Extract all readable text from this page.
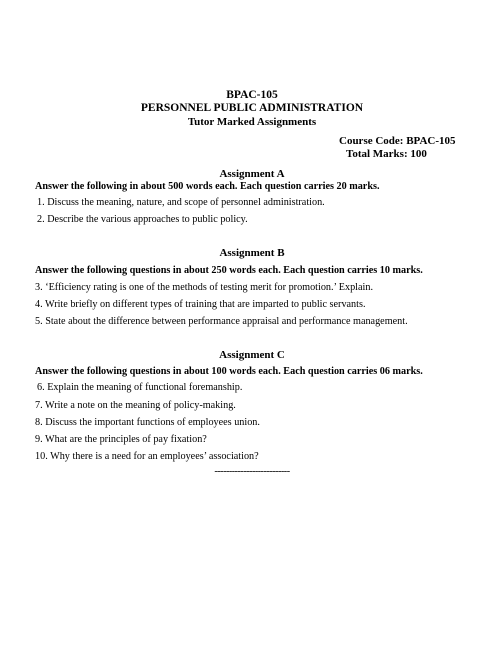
BPAC-105
PERSONNEL PUBLIC ADMINISTRATION
Tutor Marked Assignments
Course Code: BPAC-105
Total Marks: 100
Assignment A
Answer the following in about 500 words each. Each question carries 20 marks.
1. Discuss the meaning, nature, and scope of personnel administration.
2. Describe the various approaches to public policy.
Assignment B
Answer the following questions in about 250 words each. Each question carries 10 marks.
3. ‘Efficiency rating is one of the methods of testing merit for promotion.’ Explain.
4. Write briefly on different types of training that are imparted to public servants.
5. State about the difference between performance appraisal and performance management.
Assignment C
Answer the following questions in about 100 words each. Each question carries 06 marks.
6. Explain the meaning of functional foremanship.
7. Write a note on the meaning of policy-making.
8. Discuss the important functions of employees union.
9. What are the principles of pay fixation?
10. Why there is a need for an employees’ association?
--------------------------
